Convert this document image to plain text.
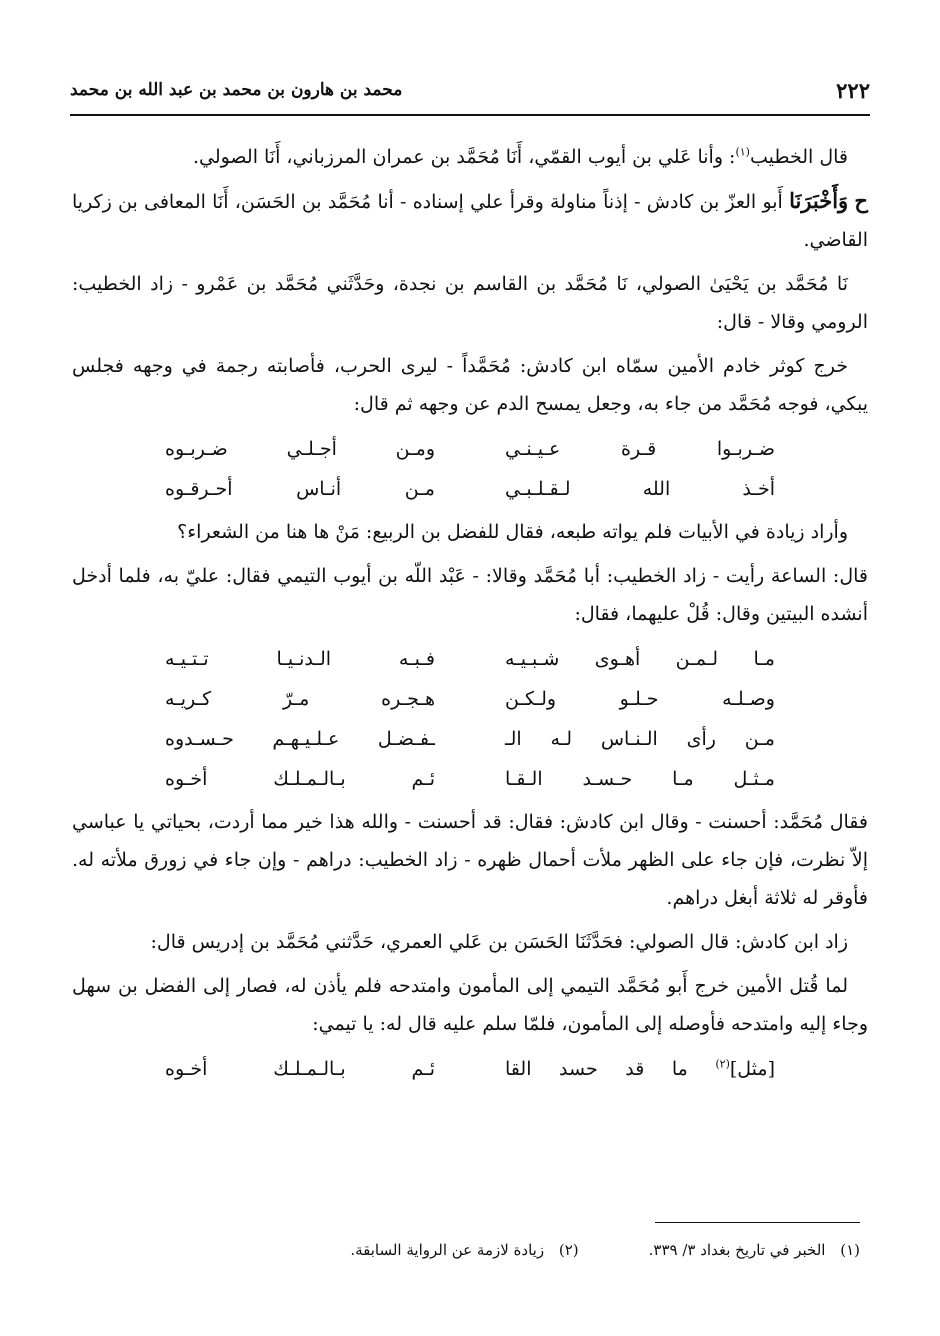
٢٢٢
محمد بن هارون بن محمد بن عبد الله بن محمد

قال الخطيب$^{(١)}$: وأنا عَلي بن أيوب القمّي، أَنَا مُحَمَّد بن عمران المرزباني، أَنَا الصولي.

ح وَأَخْبَرَنَا أَبو العزّ بن كادش - إذناً مناولة وقرأ علي إسناده - أنا مُحَمَّد بن الحَسَن، أَنَا المعافى بن زكريا القاضي.

نَا مُحَمَّد بن يَحْيَىٰ الصولي، نَا مُحَمَّد بن القاسم بن نجدة، وحَدَّثَني مُحَمَّد بن عَمْرو - زاد الخطيب: الرومي وقالا - قال:

خرج كوثر خادم الأمين سمّاه ابن كادش: مُحَمَّداً - ليرى الحرب، فأصابته رجمة في وجهه فجلس يبكي، فوجه مُحَمَّد من جاء به، وجعل يمسح الدم عن وجهه ثم قال:

ضـربـوا قـرة عـيـنـي
ومـن أجـلـي ضـربـوه
أخـذ الله لـقـلـبـي
مـن أنـاس أحـرقـوه

وأراد زيادة في الأبيات فلم يواته طبعه، فقال للفضل بن الربيع: مَنْ ها هنا من الشعراء؟

قال: الساعة رأيت - زاد الخطيب: أبا مُحَمَّد وقالا: - عَبْد اللّه بن أيوب التيمي فقال: عليّ به، فلما أدخل أنشده البيتين وقال: قُلْ عليهما، فقال:

مـا لـمـن أهـوى شـبـيـه
فـبـه الـدنـيـا تـتـيـه
وصـلـه حـلـو ولـكـن
هـجـره مـرّ كـريـه
مـن رأى الـنـاس لـه الـ
ـفـضـل عـلـيـهـم حـسـدوه
مـثـل مـا حـسـد الـقـا
ئـم بـالـمـلـك أخـوه

فقال مُحَمَّد: أحسنت - وقال ابن كادش: فقال: قد أحسنت - والله هذا خير مما أردت، بحياتي يا عباسي إلاّ نظرت، فإن جاء على الظهر ملأت أحمال ظهره - زاد الخطيب: دراهم - وإن جاء في زورق ملأته له. فأوقر له ثلاثة أبغل دراهم.

زاد ابن كادش: قال الصولي: فحَدَّثَنَا الحَسَن بن عَلي العمري، حَدَّثني مُحَمَّد بن إدريس قال:

لما قُتل الأمين خرج أَبو مُحَمَّد التيمي إلى المأمون وامتدحه فلم يأذن له، فصار إلى الفضل بن سهل وجاء إليه وامتدحه فأوصله إلى المأمون، فلمّا سلم عليه قال له: يا تيمي:

[مثل]$^{(٢)}$ ما قد حسد القا
ئـم بـالـمـلـك أخـوه
(١) الخبر في تاريخ بغداد ٣/ ٣٣٩.
(٢) زيادة لازمة عن الرواية السابقة.
